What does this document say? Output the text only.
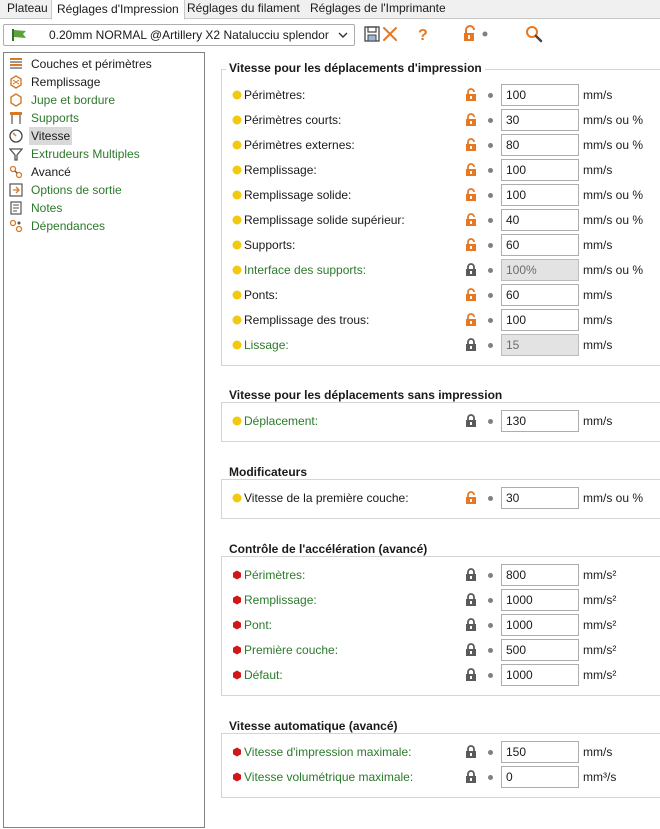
Plateau Réglages d'Impression Réglages du filament Réglages de l'Imprimante
0.20mm NORMAL @Artillery X2 Natalucciu splendor	?
Couches et périmètres
Remplissage
Jupe et bordure
Supports
Vitesse
Extrudeurs Multiples
Avancé
Options de sortie
Notes
Dépendances
Vitesse pour les déplacements d'impression
Vitesse pour les déplacements sans impression
Modificateurs
Contrôle de l'accélération (avancé)
Vitesse automatique (avancé)
Périmètres:
100	mm/s
Périmètres courts:
30	mm/s ou %
Périmètres externes:
80	mm/s ou %
Remplissage:
100	mm/s
Remplissage solide:
100	mm/s ou %
Remplissage solide supérieur:
40	mm/s ou %
Supports:
60	mm/s
Interface des supports:
100%	mm/s ou %
Ponts:
60	mm/s
Remplissage des trous:
100	mm/s
Lissage:
15	mm/s
Déplacement:
130	mm/s
Vitesse de la première couche:
30	mm/s ou %
Périmètres:
800	mm/s²
Remplissage:
1000	mm/s²
Pont:
1000	mm/s²
Première couche:
500	mm/s²
Défaut:
1000	mm/s²
Vitesse d'impression maximale:
150	mm/s
Vitesse volumétrique maximale:
0	mm³/s
